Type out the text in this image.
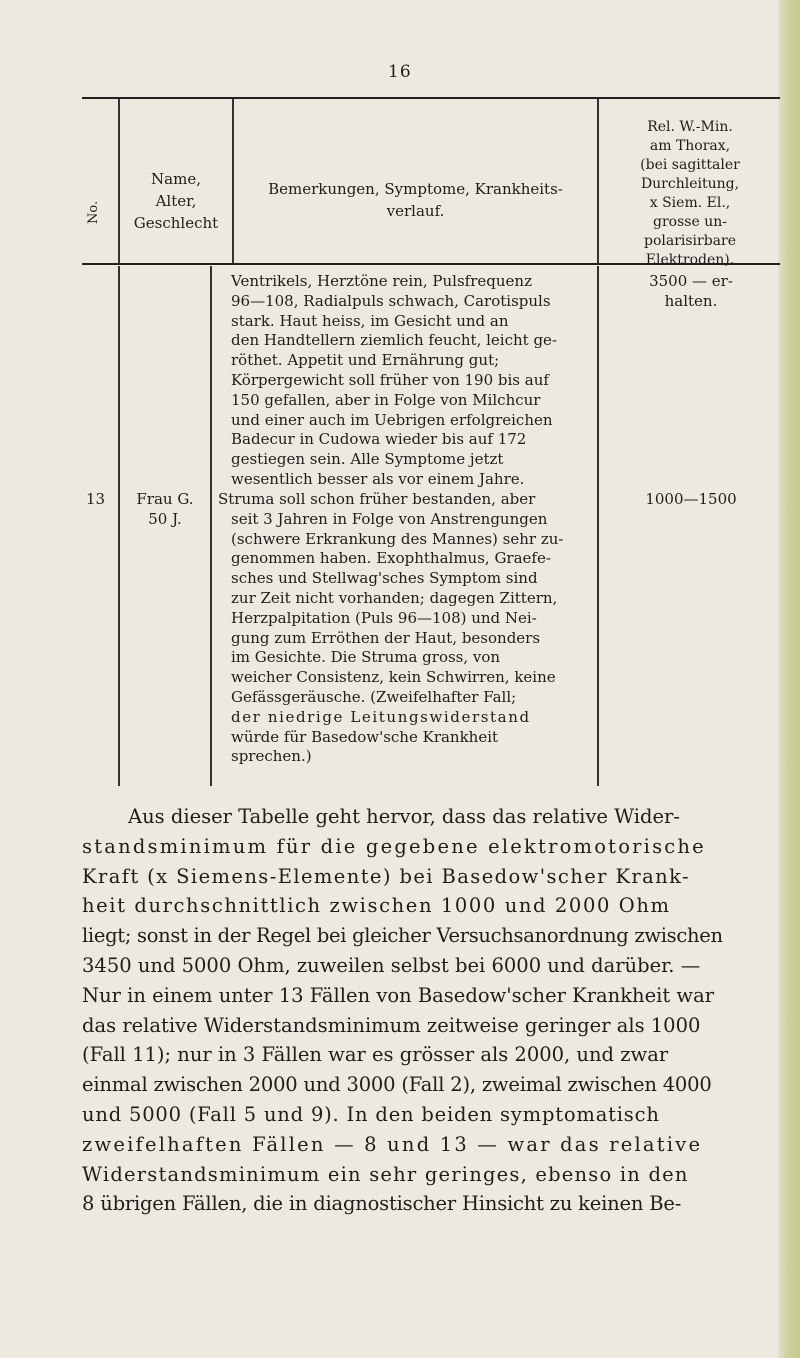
16
No.
Name,
Alter,
Geschlecht
Bemerkungen, Symptome, Krankheits-
verlauf.
Rel. W.-Min.
am Thorax,
(bei sagittaler
Durchleitung,
x Siem. El.,
grosse un-
polarisirbare
Elektroden).
Ventrikels, Herztöne rein, Pulsfrequenz
96—108, Radialpuls schwach, Carotispuls
stark. Haut heiss, im Gesicht und an
den Handtellern ziemlich feucht, leicht ge-
röthet. Appetit und Ernährung gut;
Körpergewicht soll früher von 190 bis auf
150 gefallen, aber in Folge von Milchcur
und einer auch im Uebrigen erfolgreichen
Badecur in Cudowa wieder bis auf 172
gestiegen sein. Alle Symptome jetzt
wesentlich besser als vor einem Jahre.
3500 — er-
halten.
13	Frau G.
50 J.
Struma soll schon früher bestanden, aber
seit 3 Jahren in Folge von Anstrengungen
(schwere Erkrankung des Mannes) sehr zu-
genommen haben. Exophthalmus, Graefe-
sches und Stellwag'sches Symptom sind
zur Zeit nicht vorhanden; dagegen Zittern,
Herzpalpitation (Puls 96—108) und Nei-
gung zum Erröthen der Haut, besonders
im Gesichte. Die Struma gross, von
weicher Consistenz, kein Schwirren, keine
Gefässgeräusche. (Zweifelhafter Fall;
der niedrige Leitungswiderstand
würde für Basedow'sche Krankheit
sprechen.)
1000—1500
Aus dieser Tabelle geht hervor, dass das relative Wider-
standsminimum für die gegebene elektromotorische
Kraft (x Siemens-Elemente) bei Basedow'scher Krank-
heit durchschnittlich zwischen 1000 und 2000 Ohm
liegt; sonst in der Regel bei gleicher Versuchsanordnung zwischen
3450 und 5000 Ohm, zuweilen selbst bei 6000 und darüber. —
Nur in einem unter 13 Fällen von Basedow'scher Krankheit war
das relative Widerstandsminimum zeitweise geringer als 1000
(Fall 11); nur in 3 Fällen war es grösser als 2000, und zwar
einmal zwischen 2000 und 3000 (Fall 2), zweimal zwischen 4000
und 5000 (Fall 5 und 9). In den beiden symptomatisch
zweifelhaften Fällen — 8 und 13 — war das relative
Widerstandsminimum ein sehr geringes, ebenso in den
8 übrigen Fällen, die in diagnostischer Hinsicht zu keinen Be-
